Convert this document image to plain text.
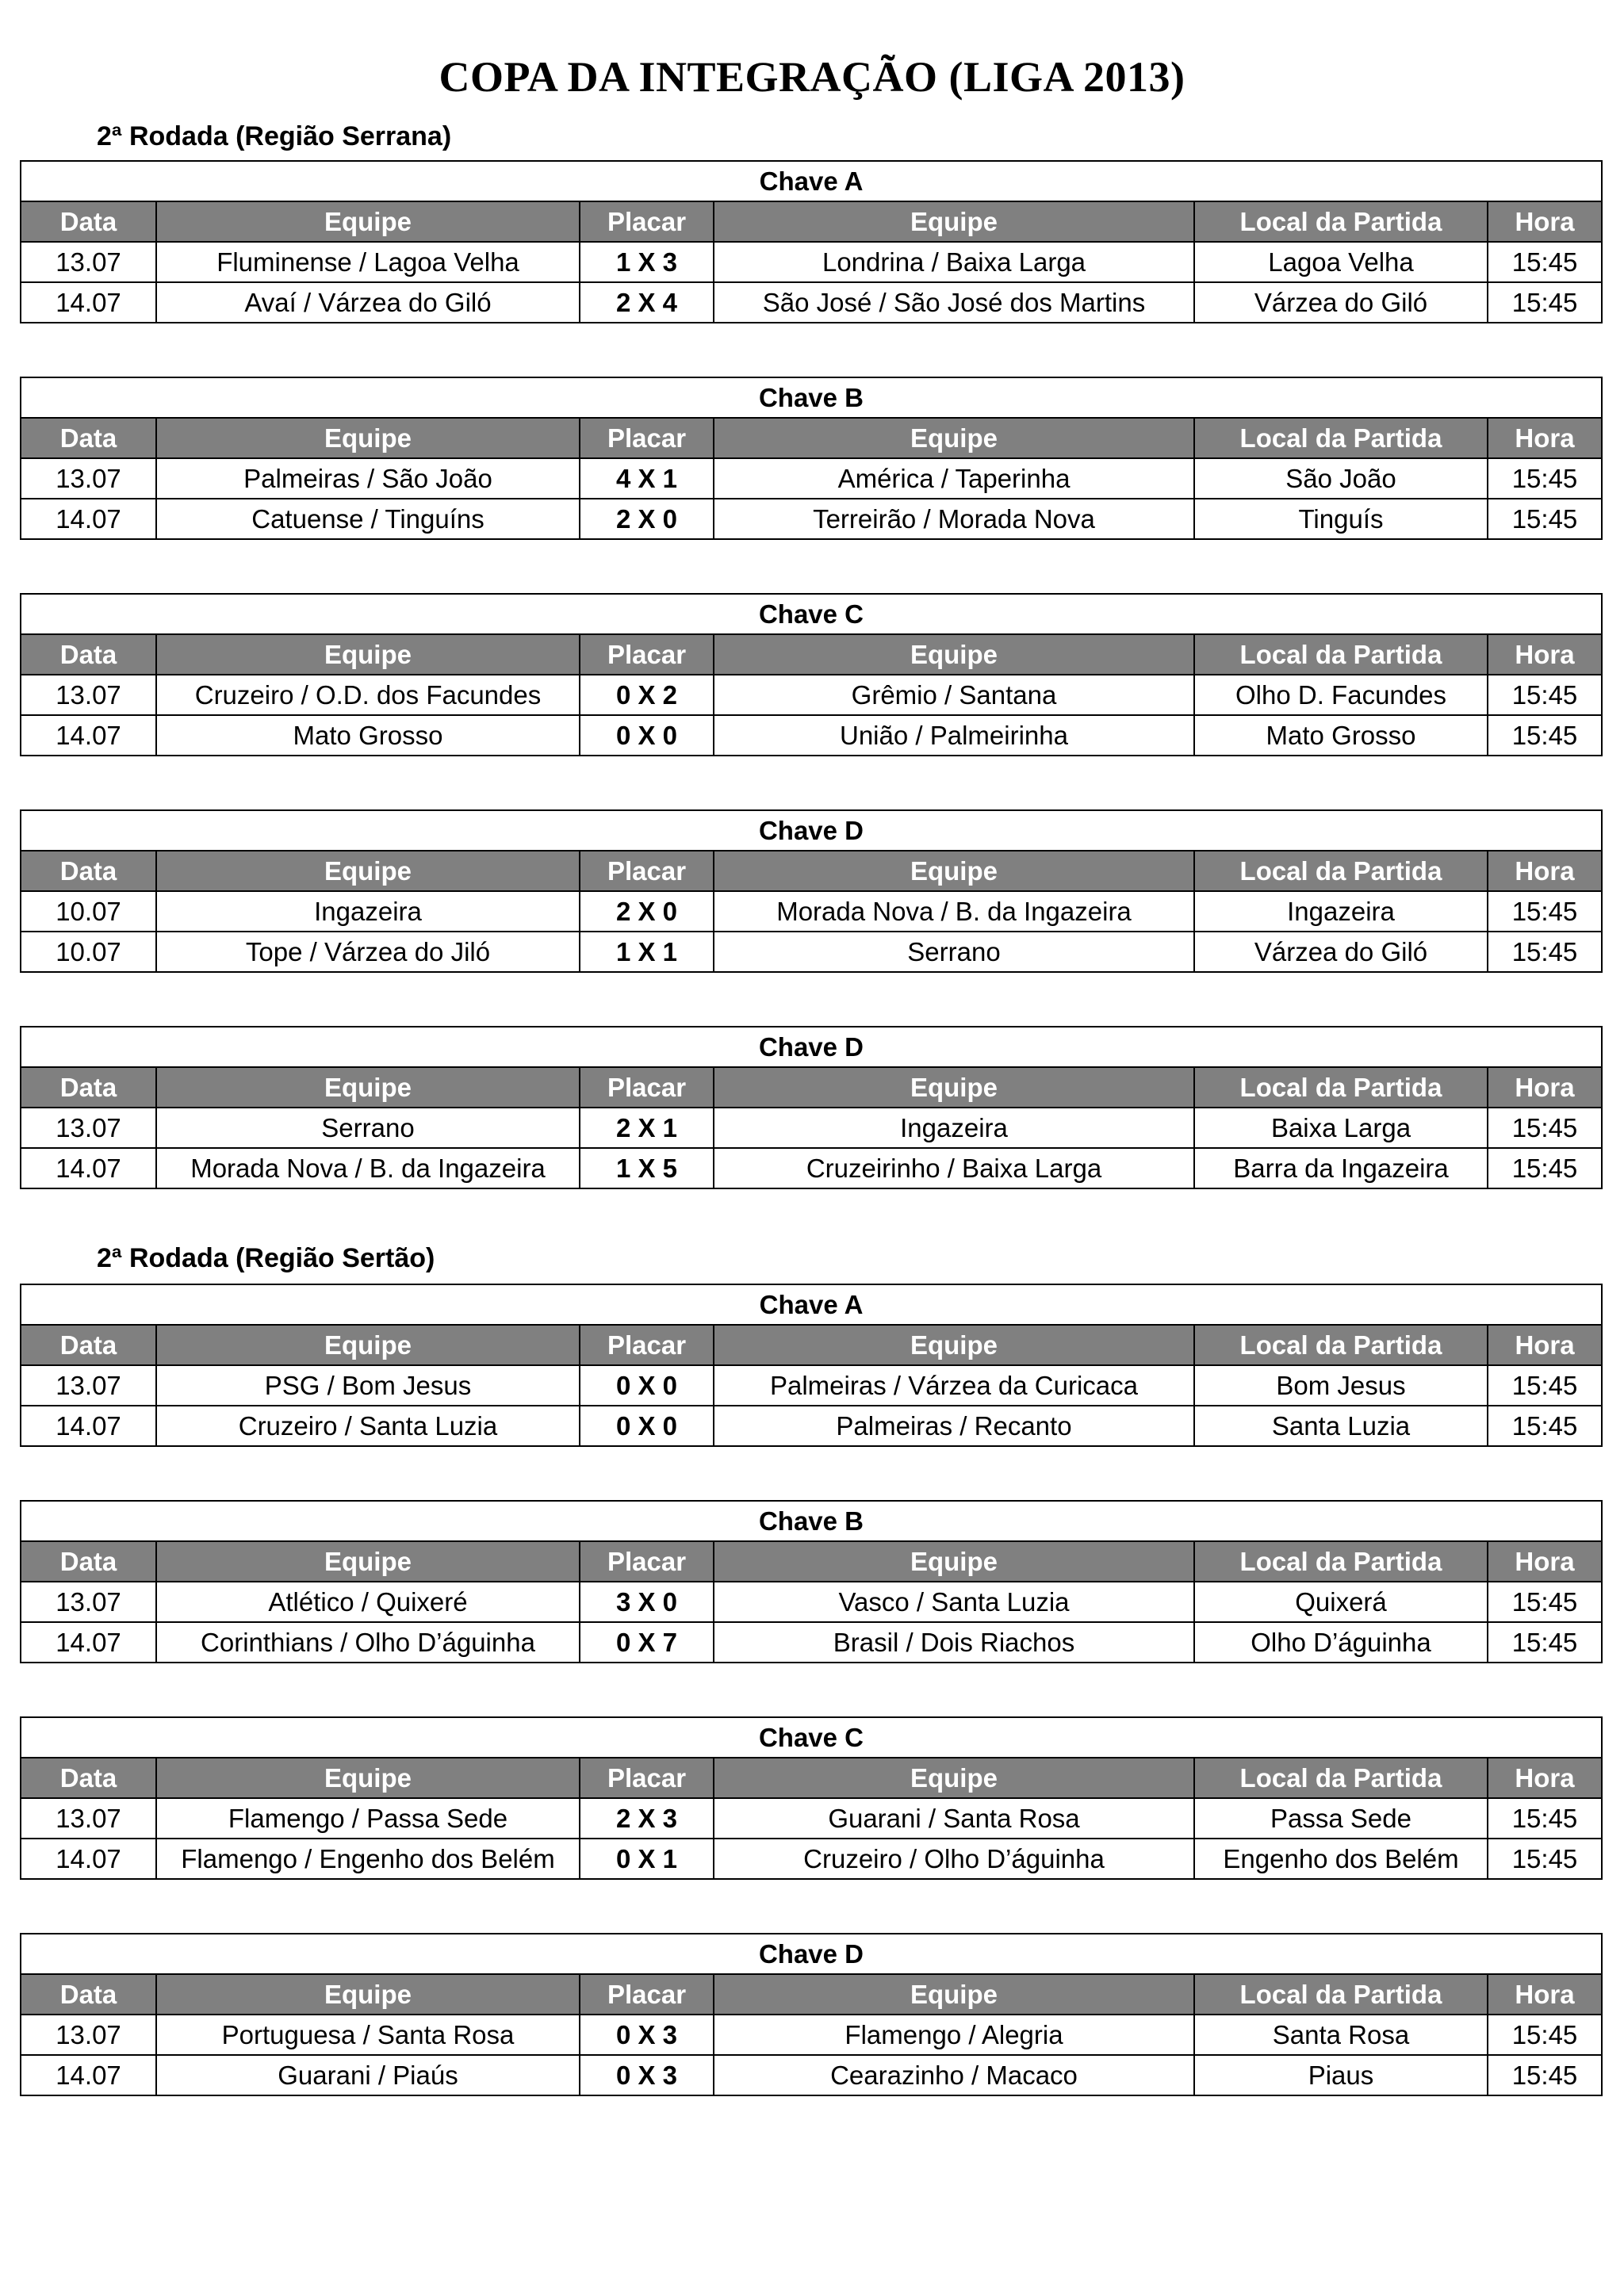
COPA DA INTEGRAÇÃO (LIGA 2013)
2ª Rodada (Região Serrana)
Chave A					
Data	Equipe	Placar	Equipe	Local da Partida	Hora
13.07	Fluminense / Lagoa Velha	1 X 3	Londrina / Baixa Larga	Lagoa Velha	15:45
14.07	Avaí / Várzea do Giló	2 X 4	São José / São José dos Martins	Várzea do Giló	15:45
Chave B					
Data	Equipe	Placar	Equipe	Local da Partida	Hora
13.07	Palmeiras / São João	4 X 1	América / Taperinha	São João	15:45
14.07	Catuense / Tinguíns	2 X 0	Terreirão / Morada Nova	Tinguís	15:45
Chave C					
Data	Equipe	Placar	Equipe	Local da Partida	Hora
13.07	Cruzeiro / O.D. dos Facundes	0 X 2	Grêmio / Santana	Olho D. Facundes	15:45
14.07	Mato Grosso	0 X 0	União / Palmeirinha	Mato Grosso	15:45
Chave D					
Data	Equipe	Placar	Equipe	Local da Partida	Hora
10.07	Ingazeira	2 X 0	Morada Nova / B. da Ingazeira	Ingazeira	15:45
10.07	Tope / Várzea do Jiló	1 X 1	Serrano	Várzea do Giló	15:45
Chave D					
Data	Equipe	Placar	Equipe	Local da Partida	Hora
13.07	Serrano	2 X 1	Ingazeira	Baixa Larga	15:45
14.07	Morada Nova / B. da Ingazeira	1 X 5	Cruzeirinho / Baixa Larga	Barra da Ingazeira	15:45
2ª Rodada (Região Sertão)
Chave A					
Data	Equipe	Placar	Equipe	Local da Partida	Hora
13.07	PSG / Bom Jesus	0 X 0	Palmeiras / Várzea da Curicaca	Bom Jesus	15:45
14.07	Cruzeiro / Santa Luzia	0 X 0	Palmeiras / Recanto	Santa Luzia	15:45
Chave B					
Data	Equipe	Placar	Equipe	Local da Partida	Hora
13.07	Atlético / Quixeré	3 X 0	Vasco / Santa Luzia	Quixerá	15:45
14.07	Corinthians / Olho D’águinha	0 X 7	Brasil / Dois Riachos	Olho D’águinha	15:45
Chave C					
Data	Equipe	Placar	Equipe	Local da Partida	Hora
13.07	Flamengo / Passa Sede	2 X 3	Guarani / Santa Rosa	Passa Sede	15:45
14.07	Flamengo / Engenho dos Belém	0 X 1	Cruzeiro / Olho D’águinha	Engenho dos Belém	15:45
Chave D					
Data	Equipe	Placar	Equipe	Local da Partida	Hora
13.07	Portuguesa / Santa Rosa	0 X 3	Flamengo / Alegria	Santa Rosa	15:45
14.07	Guarani / Piaús	0 X 3	Cearazinho / Macaco	Piaus	15:45
